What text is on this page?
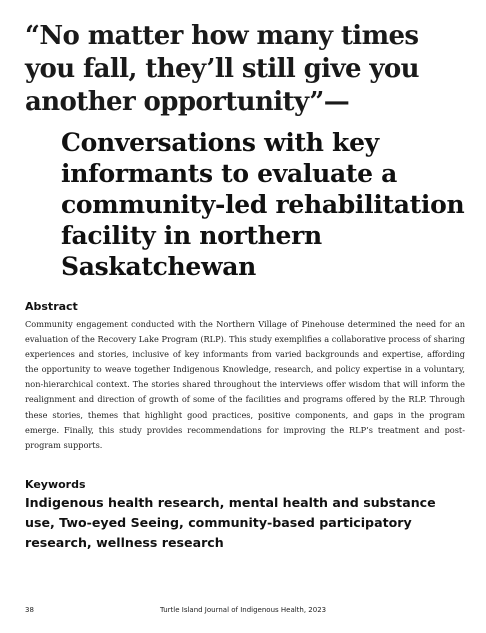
“No matter how many times you fall, they’ll still give you another opportunity”—
Conversations with key informants to evaluate a community-led rehabilitation facility in northern Saskatchewan
Abstract

Community engagement conducted with the Northern Village of Pinehouse determined the need for an evaluation of the Recovery Lake Program (RLP). This study exemplifies a collaborative process of sharing experiences and stories, inclusive of key informants from varied backgrounds and expertise, affording the opportunity to weave together Indigenous Knowledge, research, and policy expertise in a voluntary, non-hierarchical context. The stories shared throughout the interviews offer wisdom that will inform the realignment and direction of growth of some of the facilities and programs offered by the RLP. Through these stories, themes that highlight good practices, positive components, and gaps in the program emerge. Finally, this study provides recommendations for improving the RLP’s treatment and post-program supports.

Keywords

Indigenous health research, mental health and substance use, Two-eyed Seeing, community-based participatory research, wellness research

38	Turtle Island Journal of Indigenous Health, 2023
